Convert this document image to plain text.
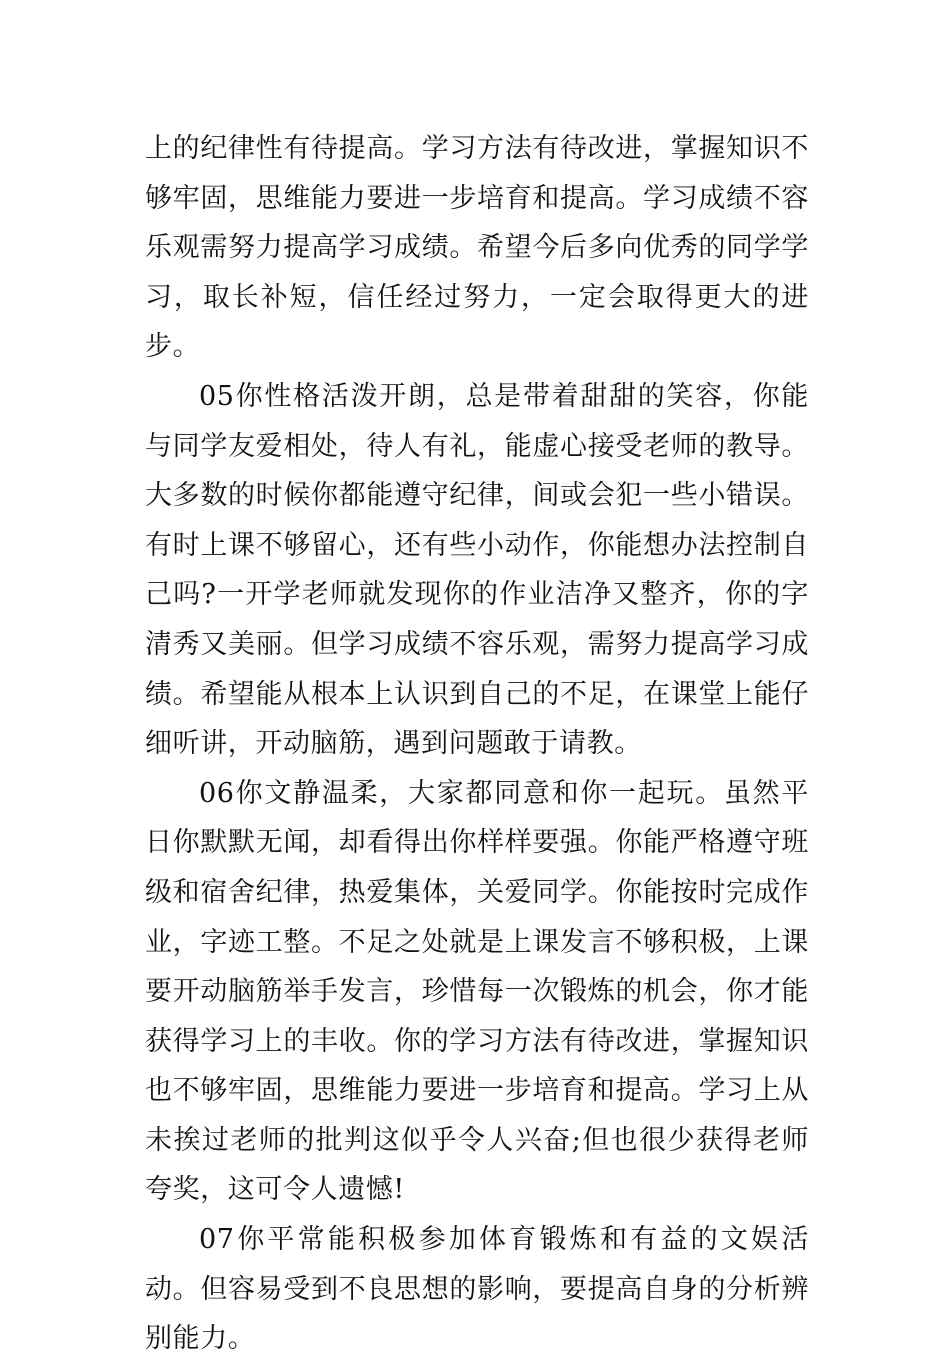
上的纪律性有待提高。学习方法有待改进，掌握知识不够牢固，思维能力要进一步培育和提高。学习成绩不容乐观需努力提高学习成绩。希望今后多向优秀的同学学习，取长补短，信任经过努力，一定会取得更大的进步。

05你性格活泼开朗，总是带着甜甜的笑容，你能与同学友爱相处，待人有礼，能虚心接受老师的教导。大多数的时候你都能遵守纪律，间或会犯一些小错误。有时上课不够留心，还有些小动作，你能想办法控制自己吗?一开学老师就发现你的作业洁净又整齐，你的字清秀又美丽。但学习成绩不容乐观，需努力提高学习成绩。希望能从根本上认识到自己的不足，在课堂上能仔细听讲，开动脑筋，遇到问题敢于请教。

06你文静温柔，大家都同意和你一起玩。虽然平日你默默无闻，却看得出你样样要强。你能严格遵守班级和宿舍纪律，热爱集体，关爱同学。你能按时完成作业，字迹工整。不足之处就是上课发言不够积极，上课要开动脑筋举手发言，珍惜每一次锻炼的机会，你才能获得学习上的丰收。你的学习方法有待改进，掌握知识也不够牢固，思维能力要进一步培育和提高。学习上从未挨过老师的批判这似乎令人兴奋;但也很少获得老师夸奖，这可令人遗憾!

07你平常能积极参加体育锻炼和有益的文娱活动。但容易受到不良思想的影响，要提高自身的分析辨别能力。
